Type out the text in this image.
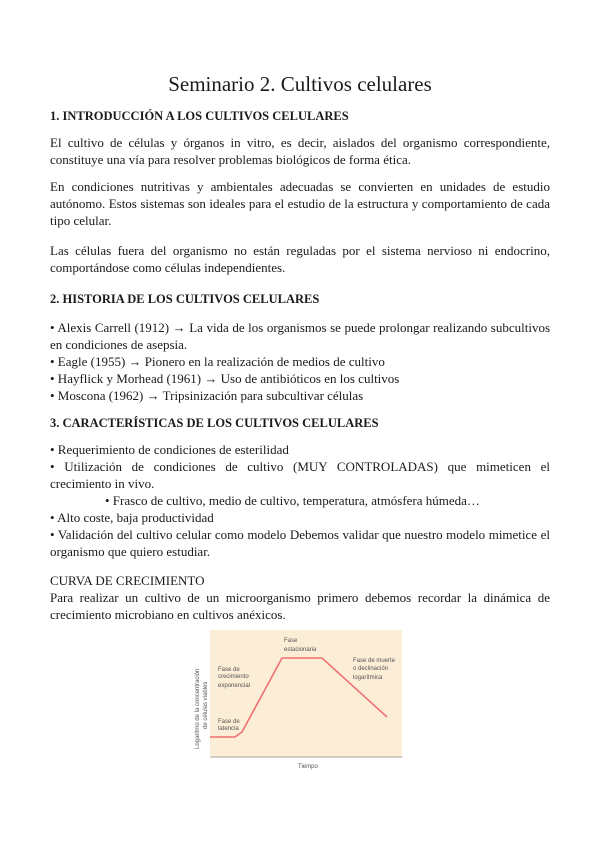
Seminario 2. Cultivos celulares
1. INTRODUCCIÓN A LOS CULTIVOS CELULARES
El cultivo de células y órganos in vitro, es decir, aislados del organismo correspondiente, constituye una vía para resolver problemas biológicos de forma ética.
En condiciones nutritivas y ambientales adecuadas se convierten en unidades de estudio autónomo. Estos sistemas son ideales para el estudio de la estructura y comportamiento de cada tipo celular.
Las células fuera del organismo no están reguladas por el sistema nervioso ni endocrino, comportándose como células independientes.
2. HISTORIA DE LOS CULTIVOS CELULARES
• Alexis Carrell (1912) → La vida de los organismos se puede prolongar realizando subcultivos en condiciones de asepsia.
• Eagle (1955) → Pionero en la realización de medios de cultivo
• Hayflick y Morhead (1961) → Uso de antibióticos en los cultivos
• Moscona (1962) → Tripsinización para subcultivar células
3. CARACTERÍSTICAS DE LOS CULTIVOS CELULARES
• Requerimiento de condiciones de esterilidad
• Utilización de condiciones de cultivo (MUY CONTROLADAS) que mimeticen el crecimiento in vivo.
• Frasco de cultivo, medio de cultivo, temperatura, atmósfera húmeda…
• Alto coste, baja productividad
• Validación del cultivo celular como modelo Debemos validar que nuestro modelo mimetice el organismo que quiero estudiar.
CURVA DE CRECIMIENTO
Para realizar un cultivo de un microorganismo primero debemos recordar la dinámica de crecimiento microbiano en cultivos anéxicos.
Tiempo
Logaritmo de la concentración de células viables Fase de
latencia
Fase de
crecimiento
exponencial
Fase
estacionaria
Fase de muerte
o declinación
logarítmica
